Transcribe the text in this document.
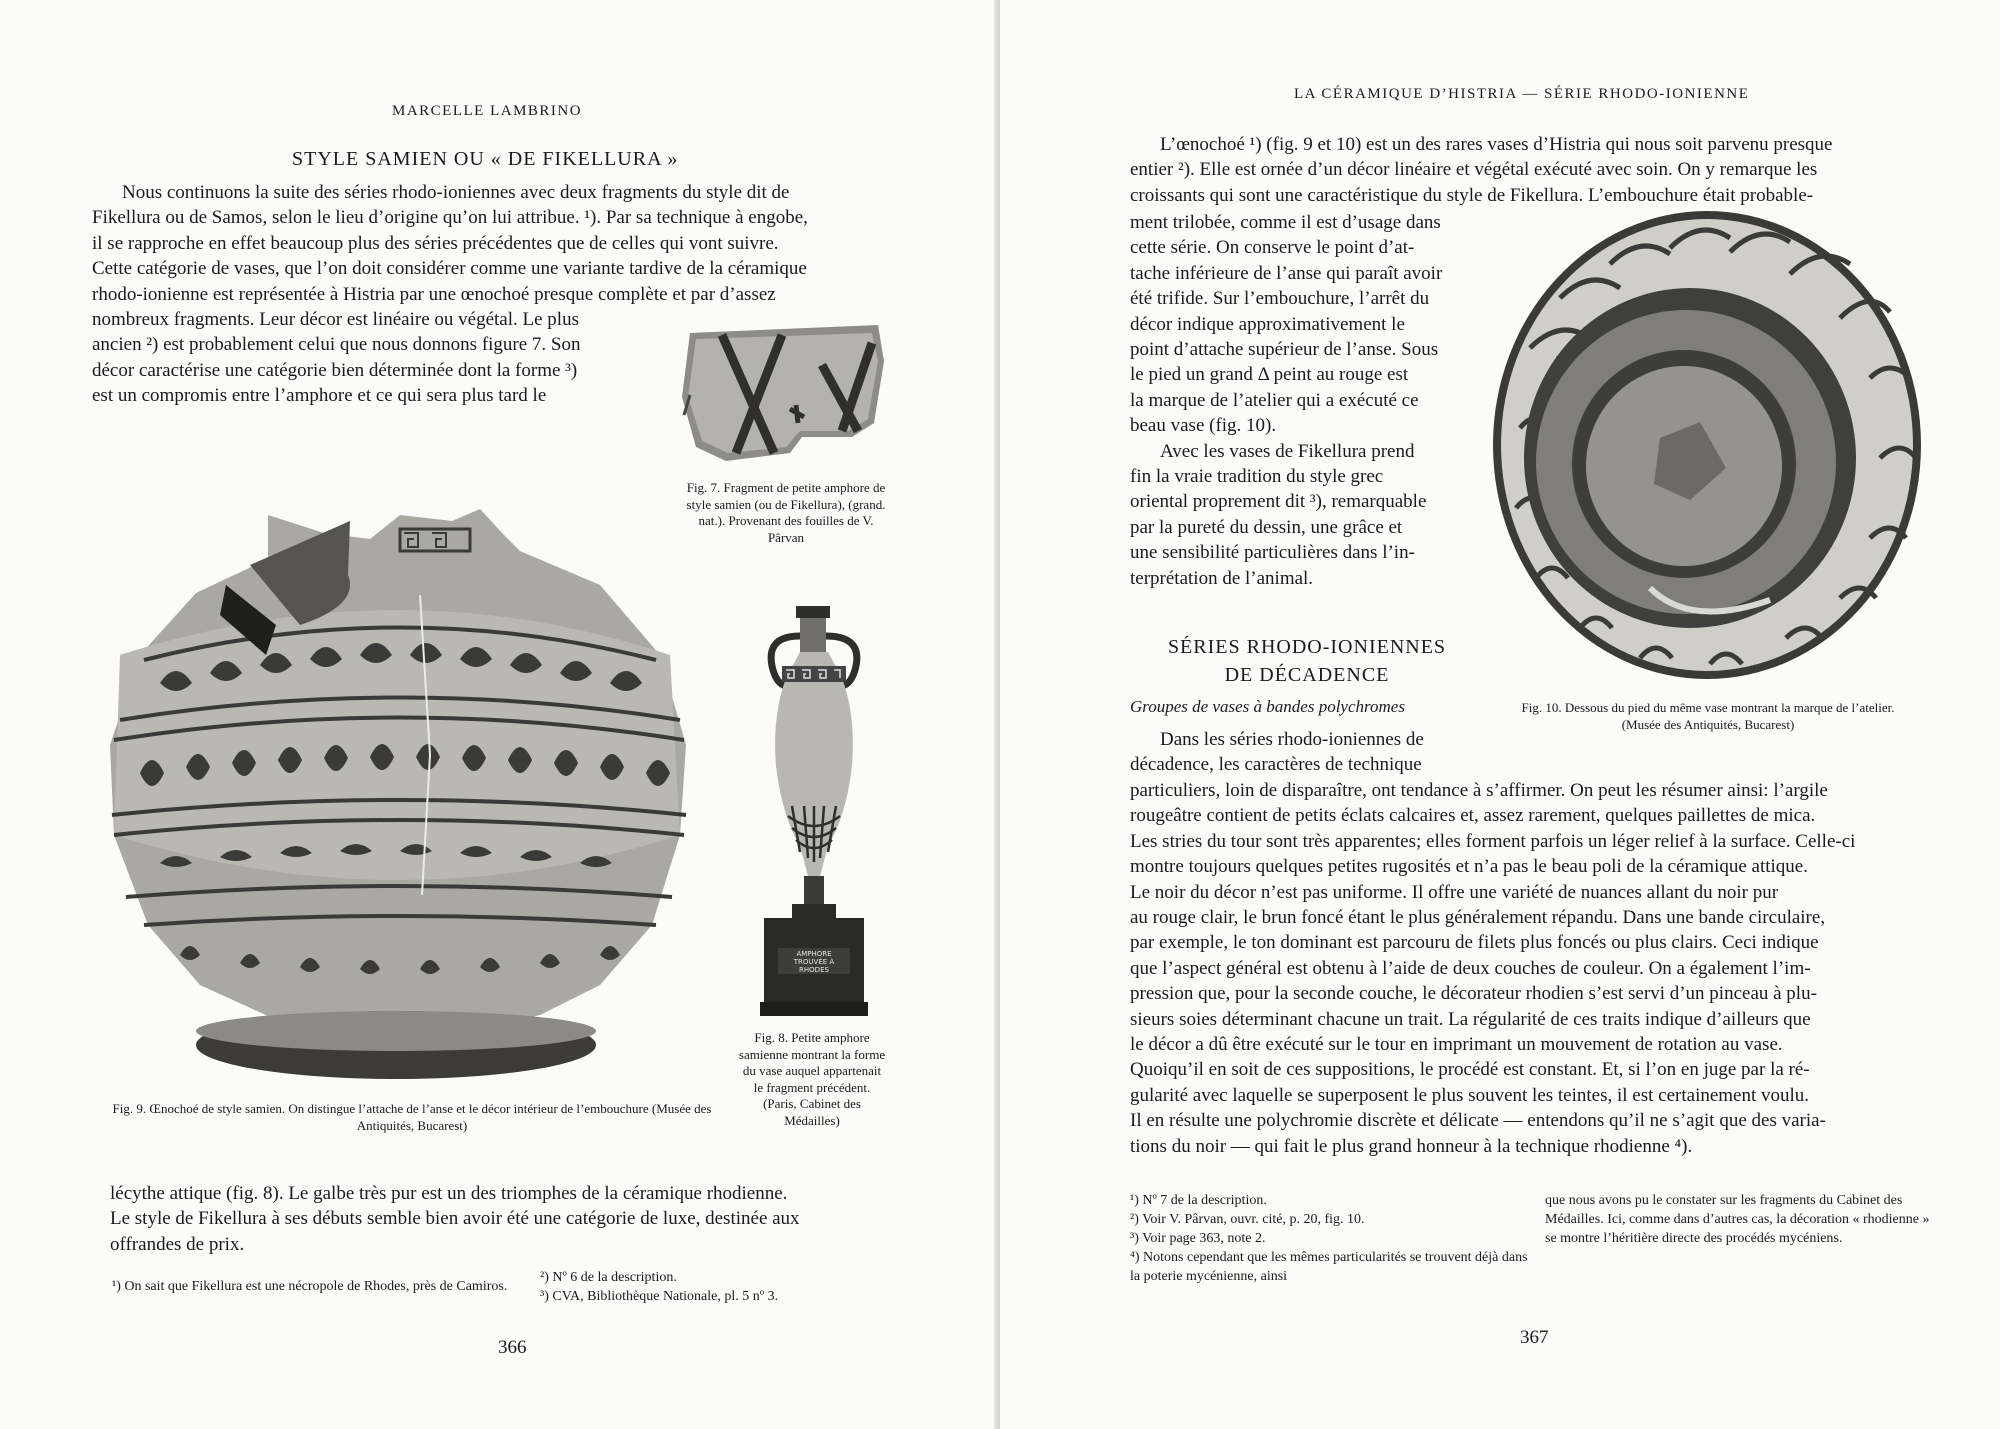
MARCELLE LAMBRINO
STYLE SAMIEN OU « DE FIKELLURA »

Nous continuons la suite des séries rhodo-ioniennes avec deux fragments du style dit de

Fikellura ou de Samos, selon le lieu d’origine qu’on lui attribue. ¹). Par sa technique à engobe,

il se rapproche en effet beaucoup plus des séries précédentes que de celles qui vont suivre.

Cette catégorie de vases, que l’on doit considérer comme une variante tardive de la céramique

rhodo-ionienne est représentée à Histria par une œnochoé presque complète et par d’assez

nombreux fragments. Leur décor est linéaire ou végétal. Le plus

ancien ²) est probablement celui que nous donnons figure 7. Son

décor caractérise une catégorie bien déterminée dont la forme ³)

est un compromis entre l’amphore et ce qui sera plus tard le

Fig. 7. Fragment de petite amphore de style samien (ou de Fikellura), (grand. nat.). Provenant des fouilles de V. Pârvan
AMPHORE TROUVÉE À RHODES
Fig. 8. Petite amphore samienne montrant la forme du vase auquel appartenait le fragment précédent. (Paris, Cabinet des Médailles)
Fig. 9. Œnochoé de style samien. On distingue l’attache de l’anse et le décor intérieur de l’embouchure (Musée des Antiquités, Bucarest)

lécythe attique (fig. 8). Le galbe très pur est un des triomphes de la céramique rhodienne.

Le style de Fikellura à ses débuts semble bien avoir été une catégorie de luxe, destinée aux

offrandes de prix.

¹) On sait que Fikellura est une nécropole de Rhodes, près de Camiros.
²) Nº 6 de la description.
³) CVA, Bibliothèque Nationale, pl. 5 nº 3.
366
LA CÉRAMIQUE D’HISTRIA — SÉRIE RHODO-IONIENNE

L’œnochoé ¹) (fig. 9 et 10) est un des rares vases d’Histria qui nous soit parvenu presque

entier ²). Elle est ornée d’un décor linéaire et végétal exécuté avec soin. On y remarque les

croissants qui sont une caractéristique du style de Fikellura. L’embouchure était probable-

ment trilobée, comme il est d’usage dans

cette série. On conserve le point d’at-

tache inférieure de l’anse qui paraît avoir

été trifide. Sur l’embouchure, l’arrêt du

décor indique approximativement le

point d’attache supérieur de l’anse. Sous

le pied un grand Δ peint au rouge est

la marque de l’atelier qui a exécuté ce

beau vase (fig. 10).

Avec les vases de Fikellura prend

fin la vraie tradition du style grec

oriental proprement dit ³), remarquable

par la pureté du dessin, une grâce et

une sensibilité particulières dans l’in-

terprétation de l’animal.

SÉRIES RHODO-IONIENNES
DE DÉCADENCE
Groupes de vases à bandes polychromes

Dans les séries rhodo-ioniennes de

décadence, les caractères de technique

Fig. 10. Dessous du pied du même vase montrant la marque de l’atelier. (Musée des Antiquités, Bucarest)

particuliers, loin de disparaître, ont tendance à s’affirmer. On peut les résumer ainsi: l’argile

rougeâtre contient de petits éclats calcaires et, assez rarement, quelques paillettes de mica.

Les stries du tour sont très apparentes; elles forment parfois un léger relief à la surface. Celle-ci

montre toujours quelques petites rugosités et n’a pas le beau poli de la céramique attique.

Le noir du décor n’est pas uniforme. Il offre une variété de nuances allant du noir pur

au rouge clair, le brun foncé étant le plus généralement répandu. Dans une bande circulaire,

par exemple, le ton dominant est parcouru de filets plus foncés ou plus clairs. Ceci indique

que l’aspect général est obtenu à l’aide de deux couches de couleur. On a également l’im-

pression que, pour la seconde couche, le décorateur rhodien s’est servi d’un pinceau à plu-

sieurs soies déterminant chacune un trait. La régularité de ces traits indique d’ailleurs que

le décor a dû être exécuté sur le tour en imprimant un mouvement de rotation au vase.

Quoiqu’il en soit de ces suppositions, le procédé est constant. Et, si l’on en juge par la ré-

gularité avec laquelle se superposent le plus souvent les teintes, il est certainement voulu.

Il en résulte une polychromie discrète et délicate — entendons qu’il ne s’agit que des varia-

tions du noir — qui fait le plus grand honneur à la technique rhodienne ⁴).

¹) Nº 7 de la description.
²) Voir V. Pârvan, ouvr. cité, p. 20, fig. 10.
³) Voir page 363, note 2.
⁴) Notons cependant que les mêmes particularités se trouvent déjà dans la poterie mycénienne, ainsi
que nous avons pu le constater sur les fragments du Cabinet des Médailles. Ici, comme dans d’autres cas, la décoration « rhodienne » se montre l’héritière directe des procédés mycéniens.
367
